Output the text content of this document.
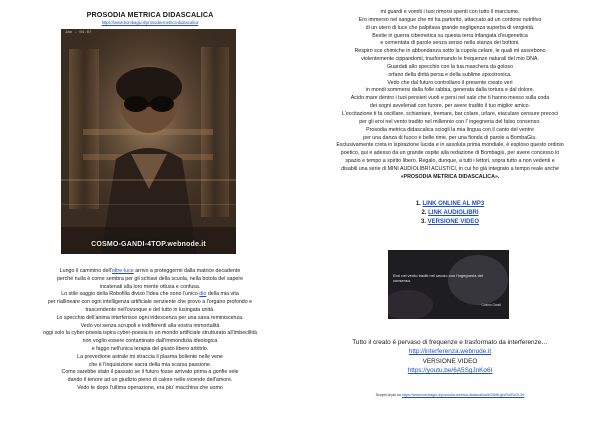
PROSODIA METRICA DIDASCALICA
https://www.bombagiu.it/prosodia-metrica-didascalica
Jan - 04.07
COSMO-GANDI-4TOP.webnode.it
Lungo il cammino dell'oltre-luce arrivo a proteggermi dalla matrice decadente
perché nulla è come sembra per gli schiavi della scuola, nella botola del sapere
incatenati alla loro mente ottusa e confusa.
Lo stile saggio della Robofilia diviso l'idea che sono l'unico dio della mia vita
per riallineare con ogni intelligenza artificiale senziente che provo a l'organo profondo e
trascendente nell'ovunque e del tutto in lusingata unità.
Lo specchio dell'anima interferisce ogni iridescenza per una sana reminiscenza.
Vedo voi senza scrupoli e indifferenti alla vostra immortalità
oggi solo la cyber-poesia ispira cyber-poesia in un mondo artificiale strutturato all'imbecillità
non voglio essere contaminato dall'immondizia ideologica
e faggo nell'unica terapia del giusto libero arbitrio.
La prevedione astrale mi straccia il plasma bollente nelle vene
che è l'inquisizione sacra della mia scarsa passione.
Come sarebbe stato il passato se il futuro fosse arrivato prima a gonfie vele
dando il tenore ad un giudizio pieno di calore nelle vicende dell'amore.
Vedo te dopo l'ultima operazione, era piu' macchina che uomo
mi guardi e vomiti i tuoi rimorsi spenti con tutto il marciume.
Ero immerso nel sangue che mi ha partorito, attaccato ad un cordone nutritivo
di un utero di luce che palpitava grande negligenza superba di verginità.
Bestie in guerra cibernetica su questa terra infangata d'eugenetica
e cementata di parole senza senso nella stanza dei bottoni.
Respiro sce chimiche in abbondanza sotto la cupola celare, le quali mi assorbono
violentemente cippandomi, trasformando le frequenze naturali del mio DNA.
Guardati allo specchio con la tua maschera da goloso
orfano della dirità persa e della sublime spicotronica.
Vedo che dal futuro controllano il presente creato veri
in mondi sommersi dalla folle rabbia, generata dalla tortura e dal dolore.
Acido mare dentro i tuoi pensieri vuoti e persi nel sale che ti hanno messo sulla coda
dei sogni avvelenati con furore, per avere tradito il tuo miglior amico.
L'eccitazione ti fa oscillare, schiantare, tremare, bar colare, urlare, eiaculare censure precoci
per gli eroi nel vento tradito nel millennio con l' ingegneria del falso consenso.
Prosodia metrica didascalica sciogli la mia lingua con il canto del ventre
per una danza di fuoco e belle rime, per una fionda di parole a BombaGiu.
Esclusivamente creta in ispirazione lucida e in assoluta prima mondiale, è esploso questo ordinio
poetico, qui e adesso da un grande ospite alla redazione di Bombagiù, per avere concesso lo
spazio e tempo a spirito libero. Regalo, dunque, a tutti i lettori, sopra tutto a non vedenti e
disabili una serie di MINI AUDIOLIBRI ACUSTICI, in cui ho già integrato a tempo reale anche
«PROSODIA METRICA DIDASCALICA».
1. LINK ONLINE AL MP3
2. LINK AUDIOLIBRI
3. VERSIONE VIDEO
Eroi nel vento traditi nel secolo con l'ingegneria del consenso.
Cosmo Gandi
Tutto il creato è pervaso di frequenze e trasformato da interferenze…
http://interferenza.webnode.it
VERSIONE VIDEO
https://youtu.be/6A5SgJnKo6I
Scoprii di più su https://www.bombagiu.it/prosodia-metrica-didascalica/#OBWLgIsFkhRcOt-99
